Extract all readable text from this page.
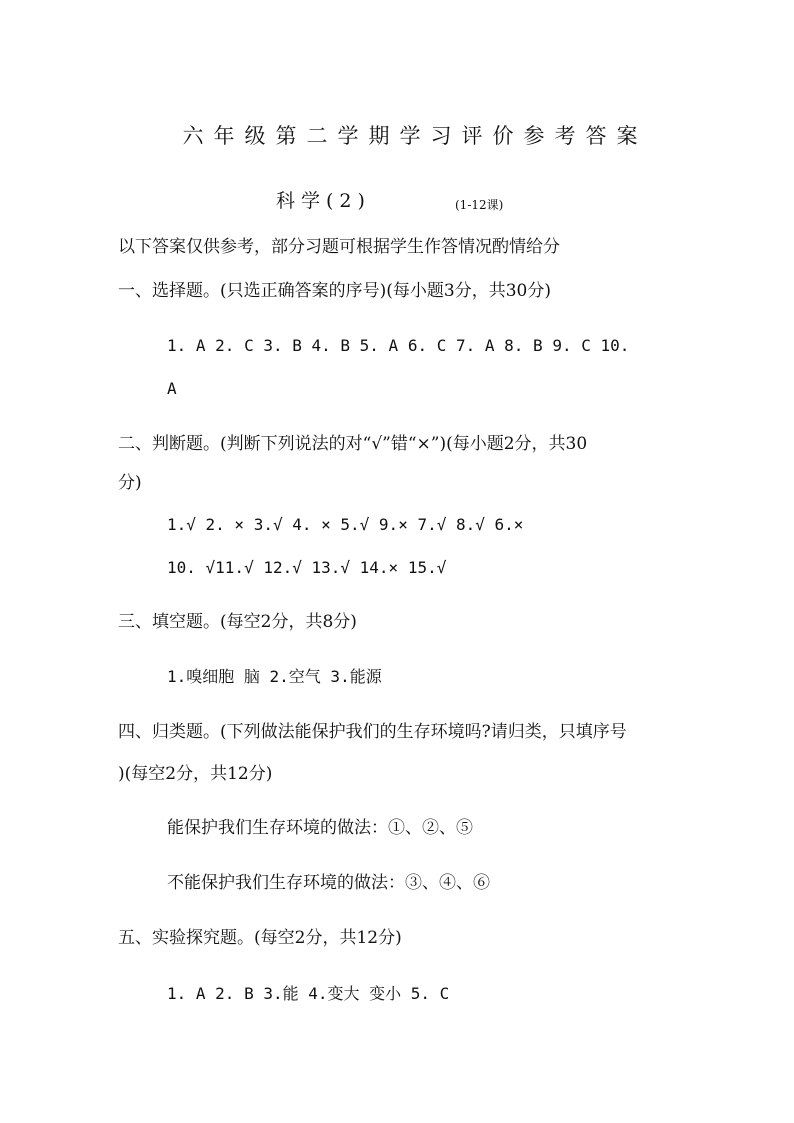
六年级第二学期学习评价参考答案
科学(2)	(1-12课)
以下答案仅供参考，部分习题可根据学生作答情况酌情给分
一、选择题。(只选正确答案的序号)(每小题3分，共30分)
1. A 2. C 3. B 4. B 5. A 6. C 7. A 8. B 9. C 10.
A
二、判断题。(判断下列说法的对“√”错“×”)(每小题2分，共30
分)
1.√ 2. × 3.√ 4. × 5.√ 9.× 7.√ 8.√ 6.×
10. √11.√ 12.√ 13.√ 14.× 15.√
三、填空题。(每空2分，共8分)
1.嗅细胞 脑 2.空气 3.能源
四、归类题。(下列做法能保护我们的生存环境吗?请归类，只填序号
)(每空2分，共12分)
能保护我们生存环境的做法：①、②、⑤
不能保护我们生存环境的做法：③、④、⑥
五、实验探究题。(每空2分，共12分)
1. A 2. B 3.能 4.变大 变小 5. C
